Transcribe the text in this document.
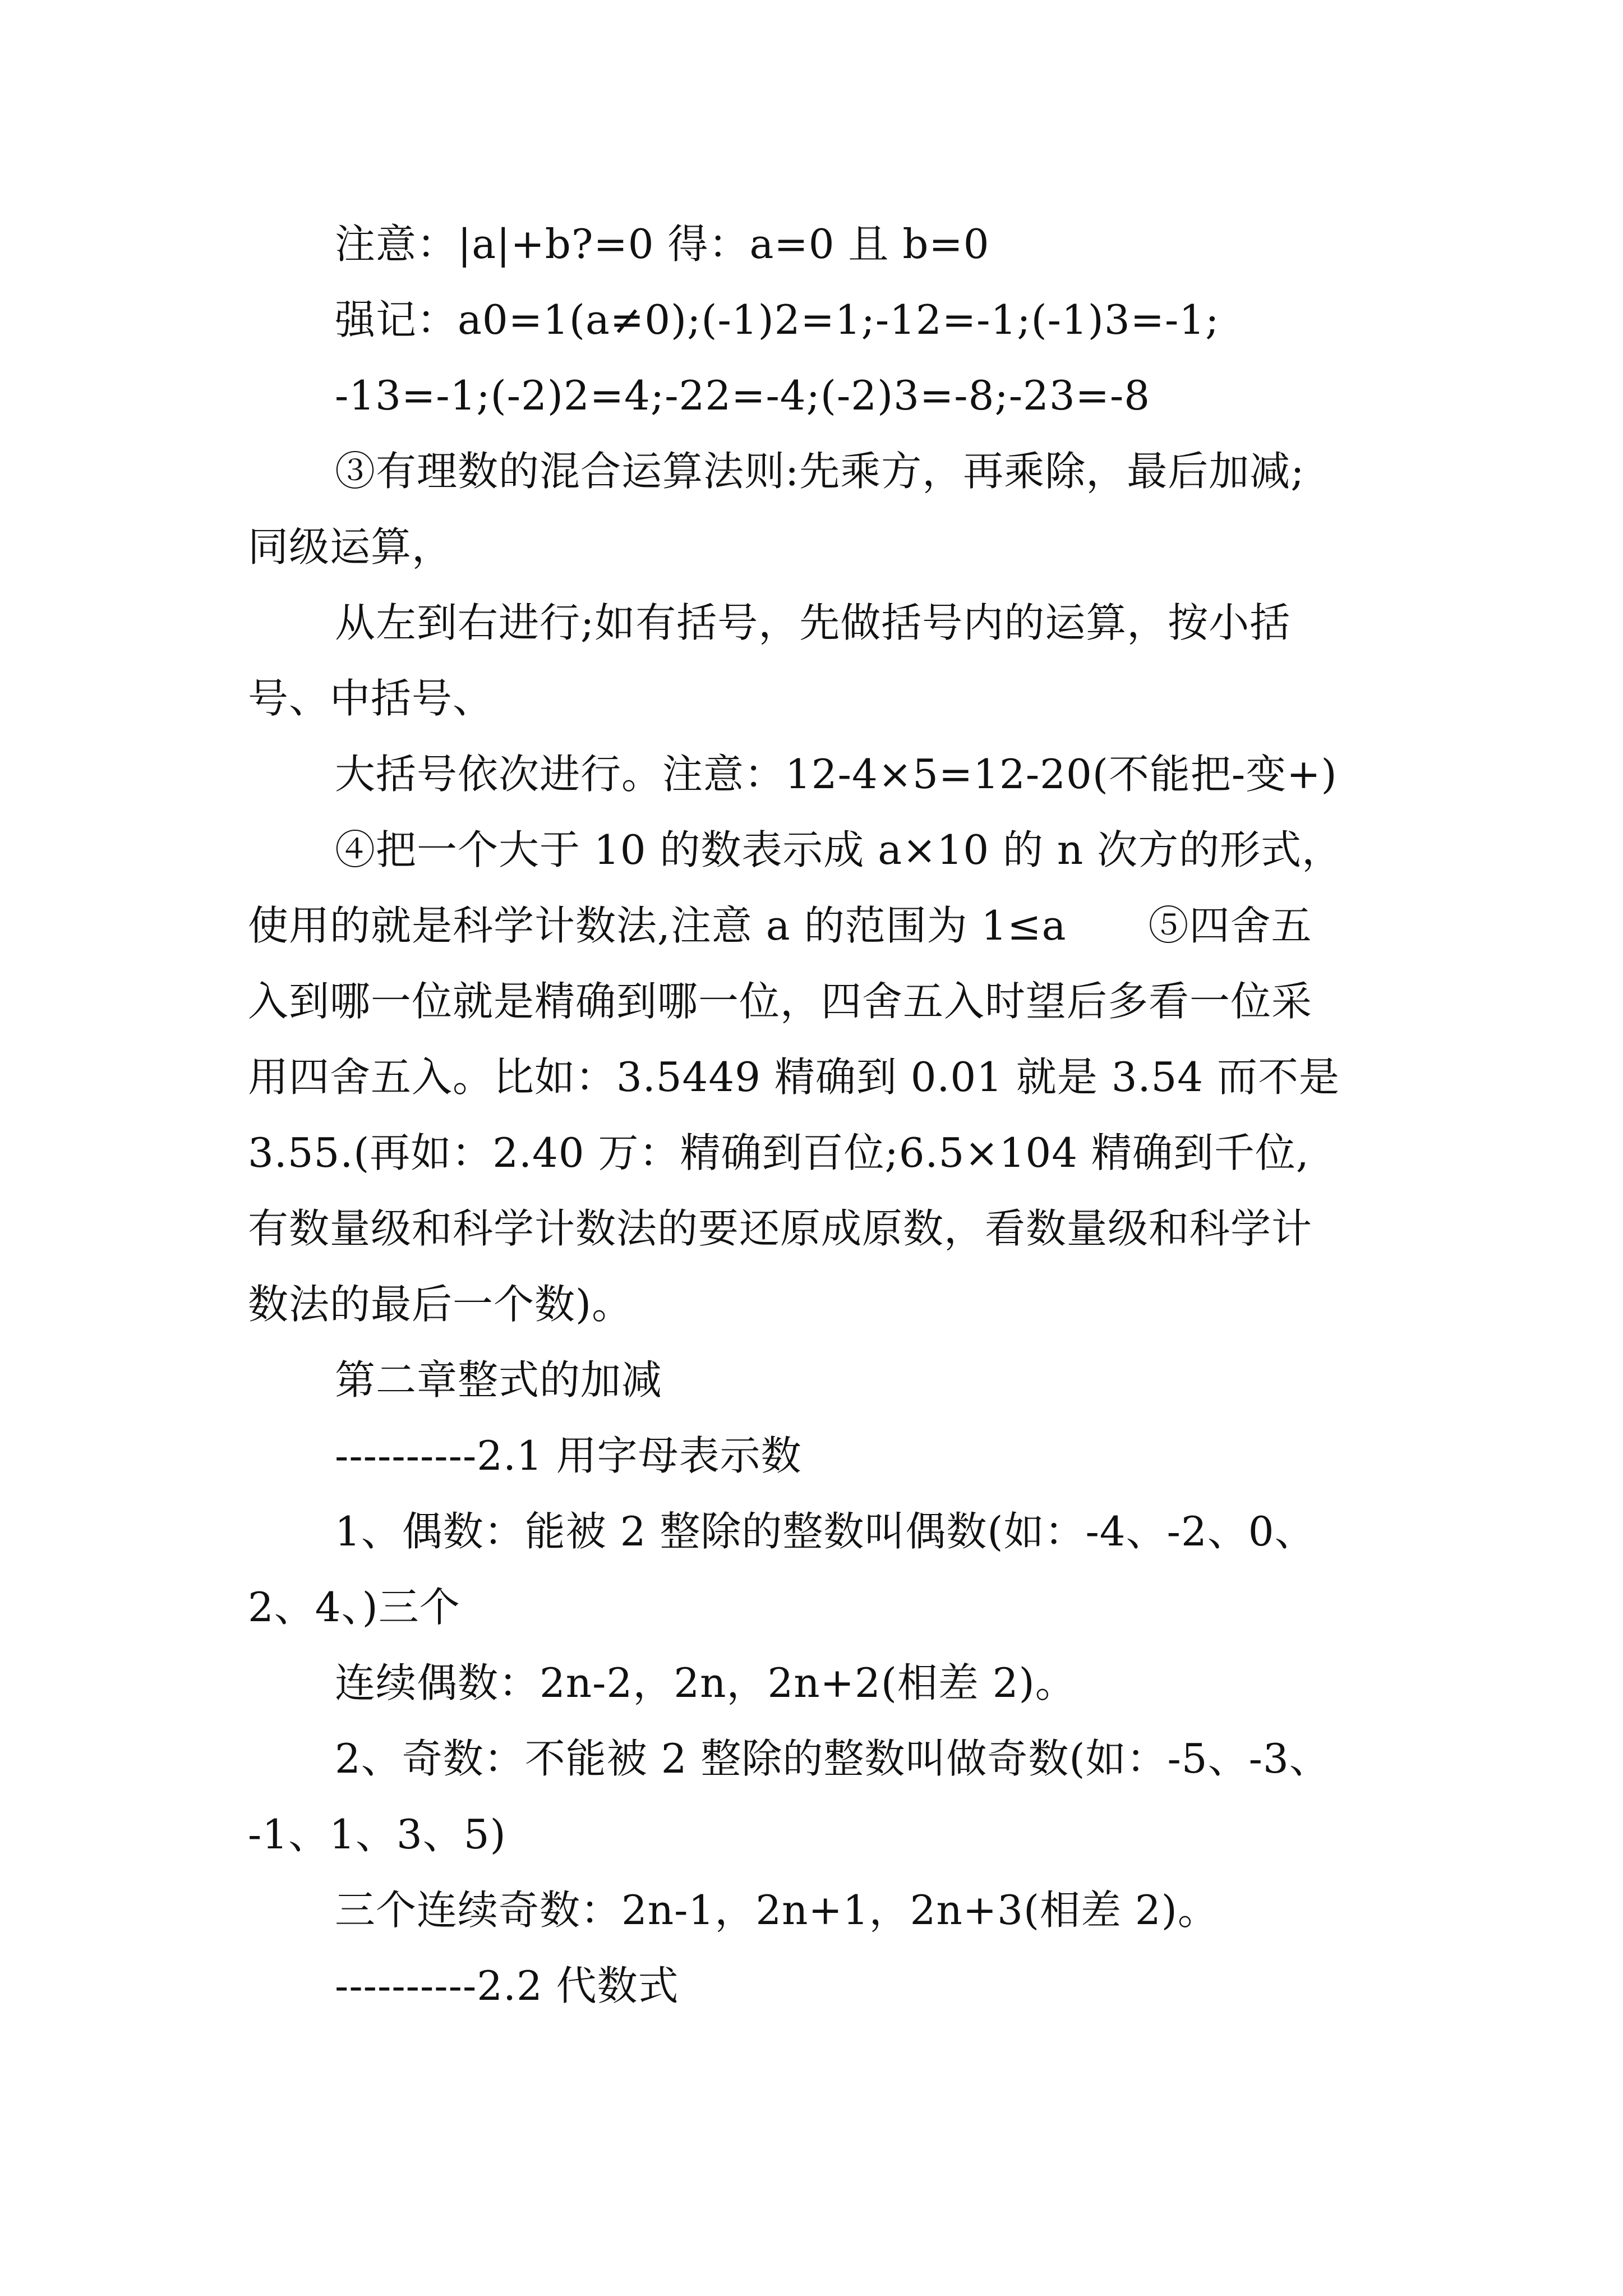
注意：|a|+b?=0 得：a=0 且 b=0
强记：a0=1(a≠0);(-1)2=1;-12=-1;(-1)3=-1;
-13=-1;(-2)2=4;-22=-4;(-2)3=-8;-23=-8
③有理数的混合运算法则:先乘方，再乘除，最后加减;
同级运算，
从左到右进行;如有括号，先做括号内的运算，按小括
号、中括号、
大括号依次进行。注意：12-4×5=12-20(不能把-变+)
④把一个大于 10 的数表示成 a×10 的 n 次方的形式，
使用的就是科学计数法,注意 a 的范围为 1≤a　　⑤四舍五
入到哪一位就是精确到哪一位，四舍五入时望后多看一位采
用四舍五入。比如：3.5449 精确到 0.01 就是 3.54 而不是
3.55.(再如：2.40 万：精确到百位;6.5×104 精确到千位,
有数量级和科学计数法的要还原成原数，看数量级和科学计
数法的最后一个数)。
第二章整式的加减
----------2.1 用字母表示数
1、偶数：能被 2 整除的整数叫偶数(如：-4、-2、0、
2、4、)三个
连续偶数：2n-2，2n，2n+2(相差 2)。
2、奇数：不能被 2 整除的整数叫做奇数(如：-5、-3、
-1、1、3、5)
三个连续奇数：2n-1，2n+1，2n+3(相差 2)。
----------2.2 代数式
